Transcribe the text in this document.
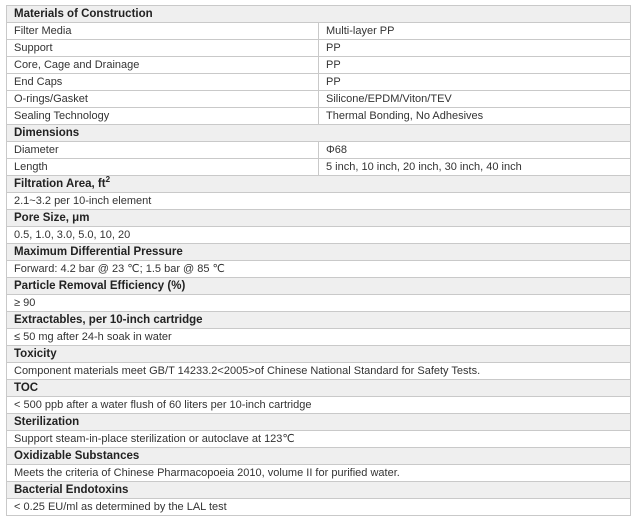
Materials of Construction	
Filter Media	Multi-layer PP
Support	PP
Core, Cage and Drainage	PP
End Caps	PP
O-rings/Gasket	Silicone/EPDM/Viton/TEV
Sealing Technology	Thermal Bonding, No Adhesives
Dimensions	
Diameter	Φ68
Length	5 inch, 10 inch, 20 inch, 30 inch, 40 inch
Filtration Area, $ft^2$
2.1~3.2 per 10-inch element	
Pore Size, μm	
0.5, 1.0, 3.0, 5.0, 10, 20	
Maximum Differential Pressure	
Forward: 4.2 bar @ 23 ℃; 1.5 bar @ 85 ℃	
Particle Removal Efficiency (%)	
≥ 90	
Extractables, per 10-inch cartridge	
≤ 50 mg after 24-h soak in water	
Toxicity	
Component materials meet GB/T 14233.2<2005>of Chinese National Standard for Safety Tests.	
TOC	
< 500 ppb after a water flush of 60 liters per 10-inch cartridge	
Sterilization	
Support steam-in-place sterilization or autoclave at 123℃	
Oxidizable Substances	
Meets the criteria of Chinese Pharmacopoeia 2010, volume II for purified water.	
Bacterial Endotoxins	
< 0.25 EU/ml as determined by the LAL test	
